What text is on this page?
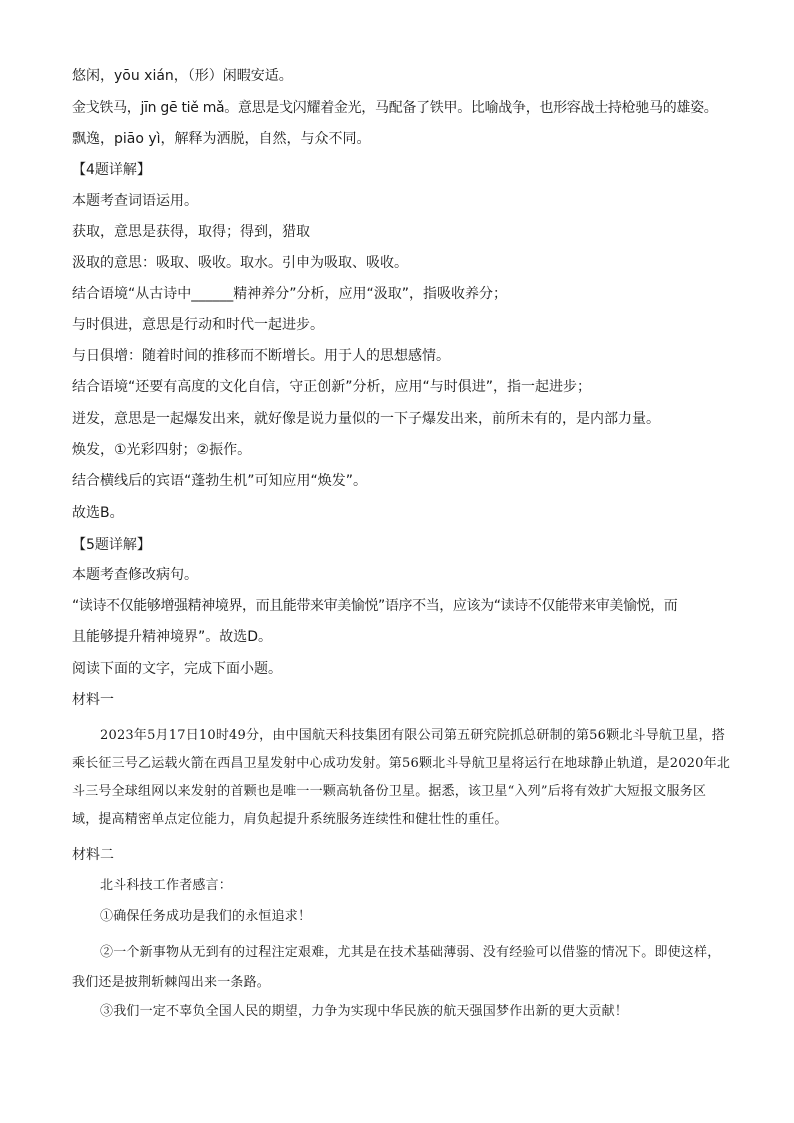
悠闲，yōu xián，（形）闲暇安适。
金戈铁马，jīn gē tiě mǎ。意思是戈闪耀着金光，马配备了铁甲。比喻战争，也形容战士持枪驰马的雄姿。
飘逸，piāo yì，解释为洒脱，自然，与众不同。
【4题详解】
本题考查词语运用。
获取，意思是获得，取得；得到，猎取
汲取的意思：吸取、吸收。取水。引申为吸取、吸收。
结合语境“从古诗中______精神养分”分析，应用“汲取”，指吸收养分；
与时俱进，意思是行动和时代一起进步。
与日俱增：随着时间的推移而不断增长。用于人的思想感情。
结合语境“还要有高度的文化自信，守正创新”分析，应用“与时俱进”，指一起进步；
迸发，意思是一起爆发出来，就好像是说力量似的一下子爆发出来，前所未有的，是内部力量。
焕发，①光彩四射；②振作。
结合横线后的宾语“蓬勃生机”可知应用“焕发”。
故选B。
【5题详解】
本题考查修改病句。
“读诗不仅能够增强精神境界，而且能带来审美愉悦”语序不当，应该为“读诗不仅能带来审美愉悦，而
且能够提升精神境界”。故选D。
阅读下面的文字，完成下面小题。
材料一
2023年5月17日10时49分，由中国航天科技集团有限公司第五研究院抓总研制的第56颗北斗导航卫星，搭乘长征三号乙运载火箭在西昌卫星发射中心成功发射。第56颗北斗导航卫星将运行在地球静止轨道，是2020年北斗三号全球组网以来发射的首颗也是唯一一颗高轨备份卫星。据悉，该卫星“入列”后将有效扩大短报文服务区域，提高精密单点定位能力，肩负起提升系统服务连续性和健壮性的重任。
材料二
北斗科技工作者感言：
①确保任务成功是我们的永恒追求！
②一个新事物从无到有的过程注定艰难，尤其是在技术基础薄弱、没有经验可以借鉴的情况下。即使这样，我们还是披荆斩棘闯出来一条路。
③我们一定不辜负全国人民的期望，力争为实现中华民族的航天强国梦作出新的更大贡献！
